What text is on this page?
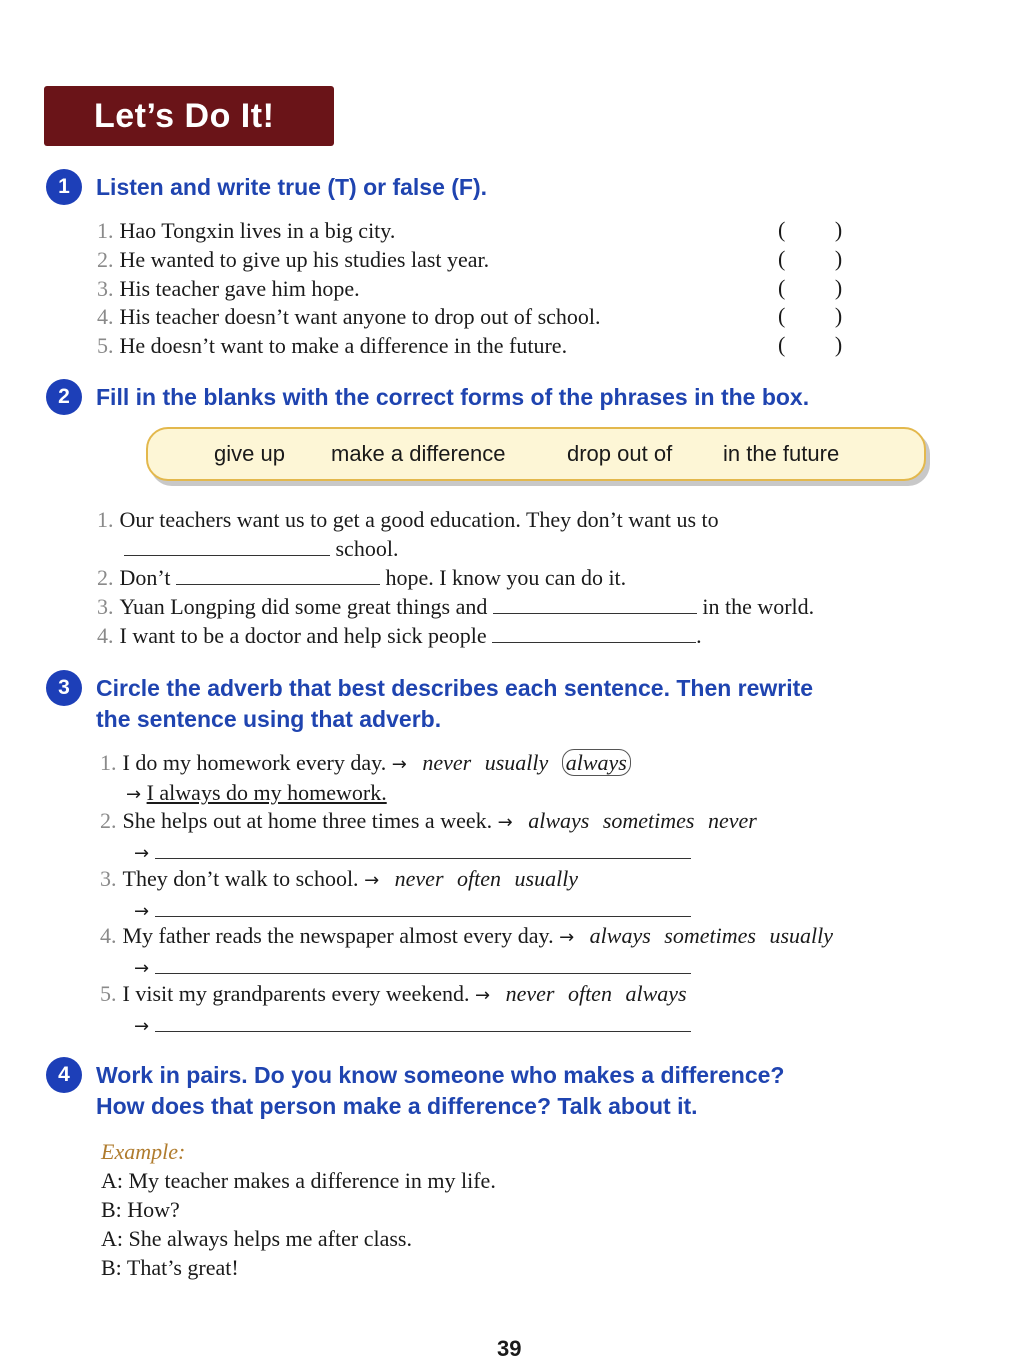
Let’s Do It!
1	Listen and write true (T) or false (F).
1. Hao Tongxin lives in a big city.	( )
2. He wanted to give up his studies last year.	( )
3. His teacher gave him hope.	( )
4. His teacher doesn’t want anyone to drop out of school.	( )
5. He doesn’t want to make a difference in the future.	( )
2	Fill in the blanks with the correct forms of the phrases in the box.
give up make a difference	drop out of in the future
1. Our teachers want us to get a good education. They don’t want us to
school.
2. Don’t	hope. I know you can do it.
3. Yuan Longping did some great things and	in the world.
4. I want to be a doctor and help sick people	.
3	Circle the adverb that best describes each sentence. Then rewrite
the sentence using that adverb.
1. I do my homework every day. → never usually always
→ I always do my homework.
2. She helps out at home three times a week. → always sometimes never
→
3. They don’t walk to school. → never often usually
→
4. My father reads the newspaper almost every day. → always sometimes usually
→
5. I visit my grandparents every weekend. → never often always
→
4	Work in pairs. Do you know someone who makes a difference?
How does that person make a difference? Talk about it.
Example:
A: My teacher makes a difference in my life.
B: How?
A: She always helps me after class.
B: That’s great!
39
